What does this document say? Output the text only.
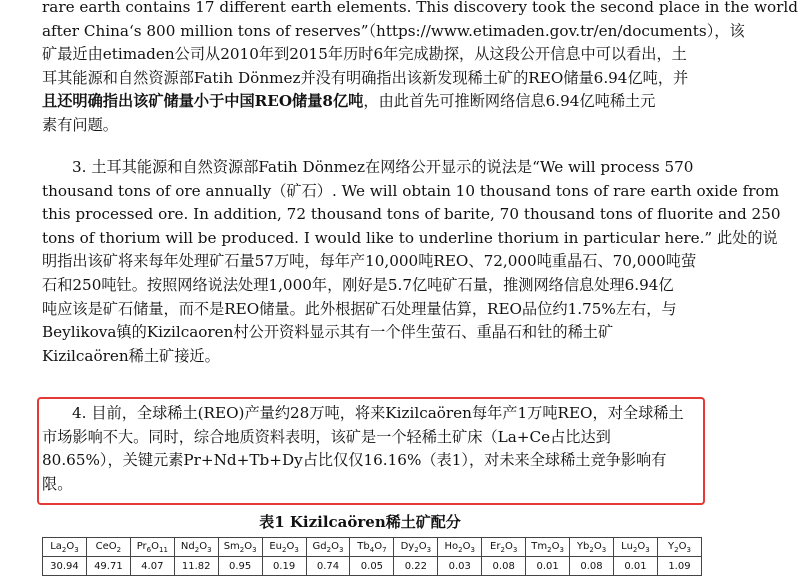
rare earth contains 17 different earth elements. This discovery took the second place in the world
after China‘s 800 million tons of reserves”（https://www.etimaden.gov.tr/en/documents），该
矿最近由etimaden公司从2010年到2015年历时6年完成勘探，从这段公开信息中可以看出，土
耳其能源和自然资源部Fatih Dönmez并没有明确指出该新发现稀土矿的REO储量6.94亿吨，并
且还明确指出该矿储量小于中国REO储量8亿吨，由此首先可推断网络信息6.94亿吨稀土元
素有问题。
3. 土耳其能源和自然资源部Fatih Dönmez在网络公开显示的说法是“We will process 570
thousand tons of ore annually（矿石）. We will obtain 10 thousand tons of rare earth oxide from
this processed ore. In addition, 72 thousand tons of barite, 70 thousand tons of fluorite and 250
tons of thorium will be produced. I would like to underline thorium in particular here.” 此处的说
明指出该矿将来每年处理矿石量57万吨，每年产10,000吨REO、72,000吨重晶石、70,000吨萤
石和250吨钍。按照网络说法处理1,000年，刚好是5.7亿吨矿石量，推测网络信息处理6.94亿
吨应该是矿石储量，而不是REO储量。此外根据矿石处理量估算，REO品位约1.75%左右，与
Beylikova镇的Kizilcaoren村公开资料显示其有一个伴生萤石、重晶石和钍的稀土矿
Kizilcaören稀土矿接近。
4. 目前，全球稀土(REO)产量约28万吨，将来Kizilcaören每年产1万吨REO，对全球稀土
市场影响不大。同时，综合地质资料表明，该矿是一个轻稀土矿床（La+Ce占比达到
80.65%），关键元素Pr+Nd+Tb+Dy占比仅仅16.16%（表1），对未来全球稀土竞争影响有
限。
表1 Kizilcaören稀土矿配分
$La_2O_3$	CeO$_2$	$Pr_6O_{11}$	$Nd_2O_3$	$Sm_2O_3$	$Eu_2O_3$	$Gd_2O_3$	$Tb_4O_7$	$Dy_2O_3$	$Ho_2O_3$	$Er_2O_3$	$Tm_2O_3$	$Yb_2O_3$	$Lu_2O_3$	$Y_2O_3$
30.94	49.71	4.07	11.82	0.95	0.19	0.74	0.05	0.22	0.03	0.08	0.01	0.08	0.01	1.09
